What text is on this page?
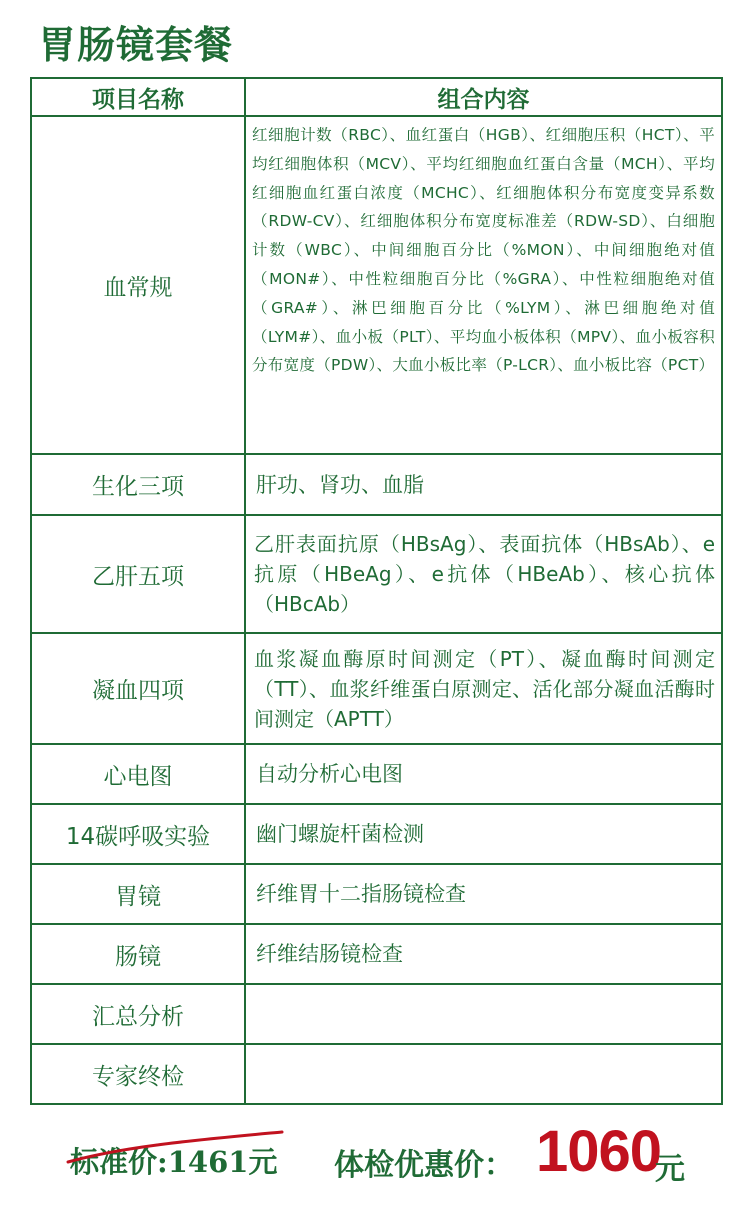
胃肠镜套餐
项目名称	组合内容
血常规	红细胞计数（RBC）、血红蛋白（HGB）、红细胞压积（HCT）、平均红细胞体积（MCV）、平均红细胞血红蛋白含量（MCH）、平均红细胞血红蛋白浓度（MCHC）、红细胞体积分布宽度变异系数（RDW-CV）、红细胞体积分布宽度标准差（RDW-SD）、白细胞计数（WBC）、中间细胞百分比（%MON）、中间细胞绝对值（MON#）、中性粒细胞百分比（%GRA）、中性粒细胞绝对值（GRA#）、淋巴细胞百分比（%LYM）、淋巴细胞绝对值（LYM#）、血小板（PLT）、平均血小板体积（MPV）、血小板容积分布宽度（PDW）、大血小板比率（P-LCR）、血小板比容（PCT）
生化三项	肝功、肾功、血脂
乙肝五项	乙肝表面抗原（HBsAg）、表面抗体（HBsAb）、e抗原（HBeAg）、e抗体（HBeAb）、核心抗体（HBcAb）
凝血四项	血浆凝血酶原时间测定（PT）、凝血酶时间测定（TT）、血浆纤维蛋白原测定、活化部分凝血活酶时间测定（APTT）
心电图	自动分析心电图
14碳呼吸实验	幽门螺旋杆菌检测
胃镜	纤维胃十二指肠镜检查
肠镜	纤维结肠镜检查
汇总分析	
专家终检	
标准价:1461元 体检优惠价： 1060
元
